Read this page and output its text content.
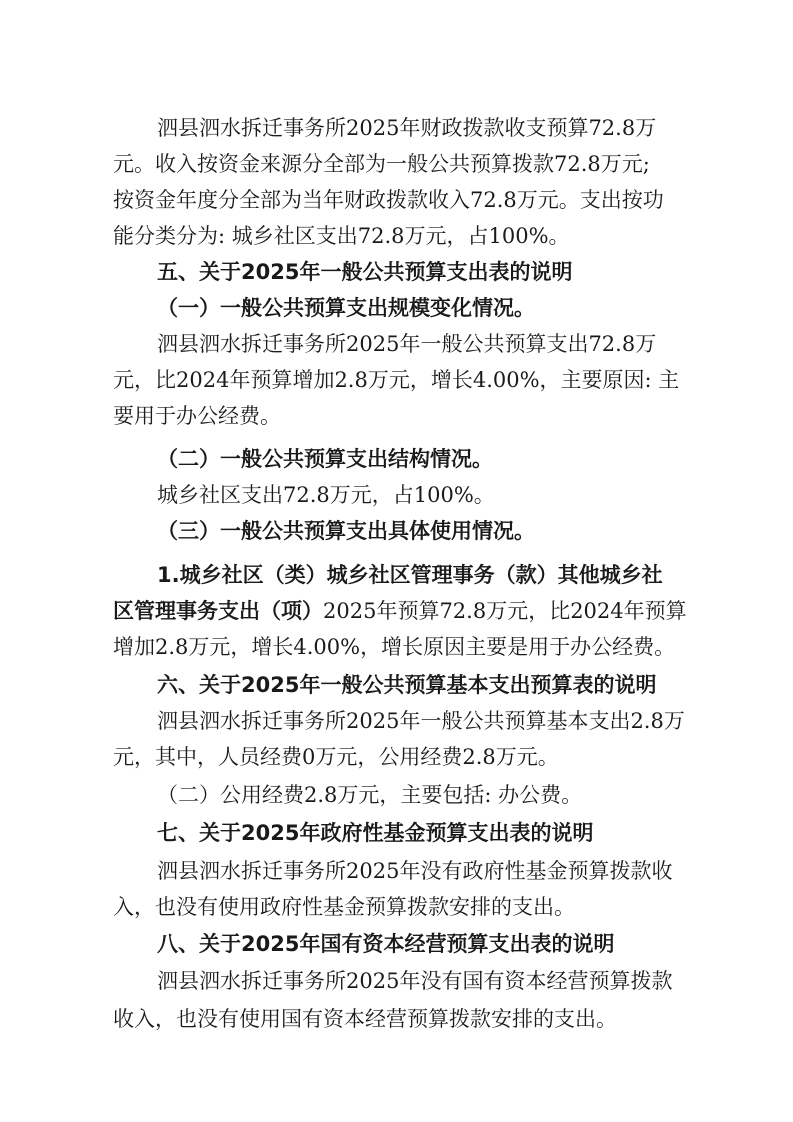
泗县泗水拆迁事务所2025年财政拨款收支预算72.8万

元。收入按资金来源分全部为一般公共预算拨款72.8万元;

按资金年度分全部为当年财政拨款收入72.8万元。支出按功

能分类分为: 城乡社区支出72.8万元，占100%。

五、关于2025年一般公共预算支出表的说明

（一）一般公共预算支出规模变化情况。

泗县泗水拆迁事务所2025年一般公共预算支出72.8万

元，比2024年预算增加2.8万元，增长4.00%，主要原因: 主

要用于办公经费。

（二）一般公共预算支出结构情况。

城乡社区支出72.8万元，占100%。

（三）一般公共预算支出具体使用情况。

1.城乡社区（类）城乡社区管理事务（款）其他城乡社

区管理事务支出（项）2025年预算72.8万元，比2024年预算

增加2.8万元，增长4.00%，增长原因主要是用于办公经费。

六、关于2025年一般公共预算基本支出预算表的说明

泗县泗水拆迁事务所2025年一般公共预算基本支出2.8万

元，其中，人员经费0万元，公用经费2.8万元。

（二）公用经费2.8万元，主要包括: 办公费。

七、关于2025年政府性基金预算支出表的说明

泗县泗水拆迁事务所2025年没有政府性基金预算拨款收

入，也没有使用政府性基金预算拨款安排的支出。

八、关于2025年国有资本经营预算支出表的说明

泗县泗水拆迁事务所2025年没有国有资本经营预算拨款

收入，也没有使用国有资本经营预算拨款安排的支出。
